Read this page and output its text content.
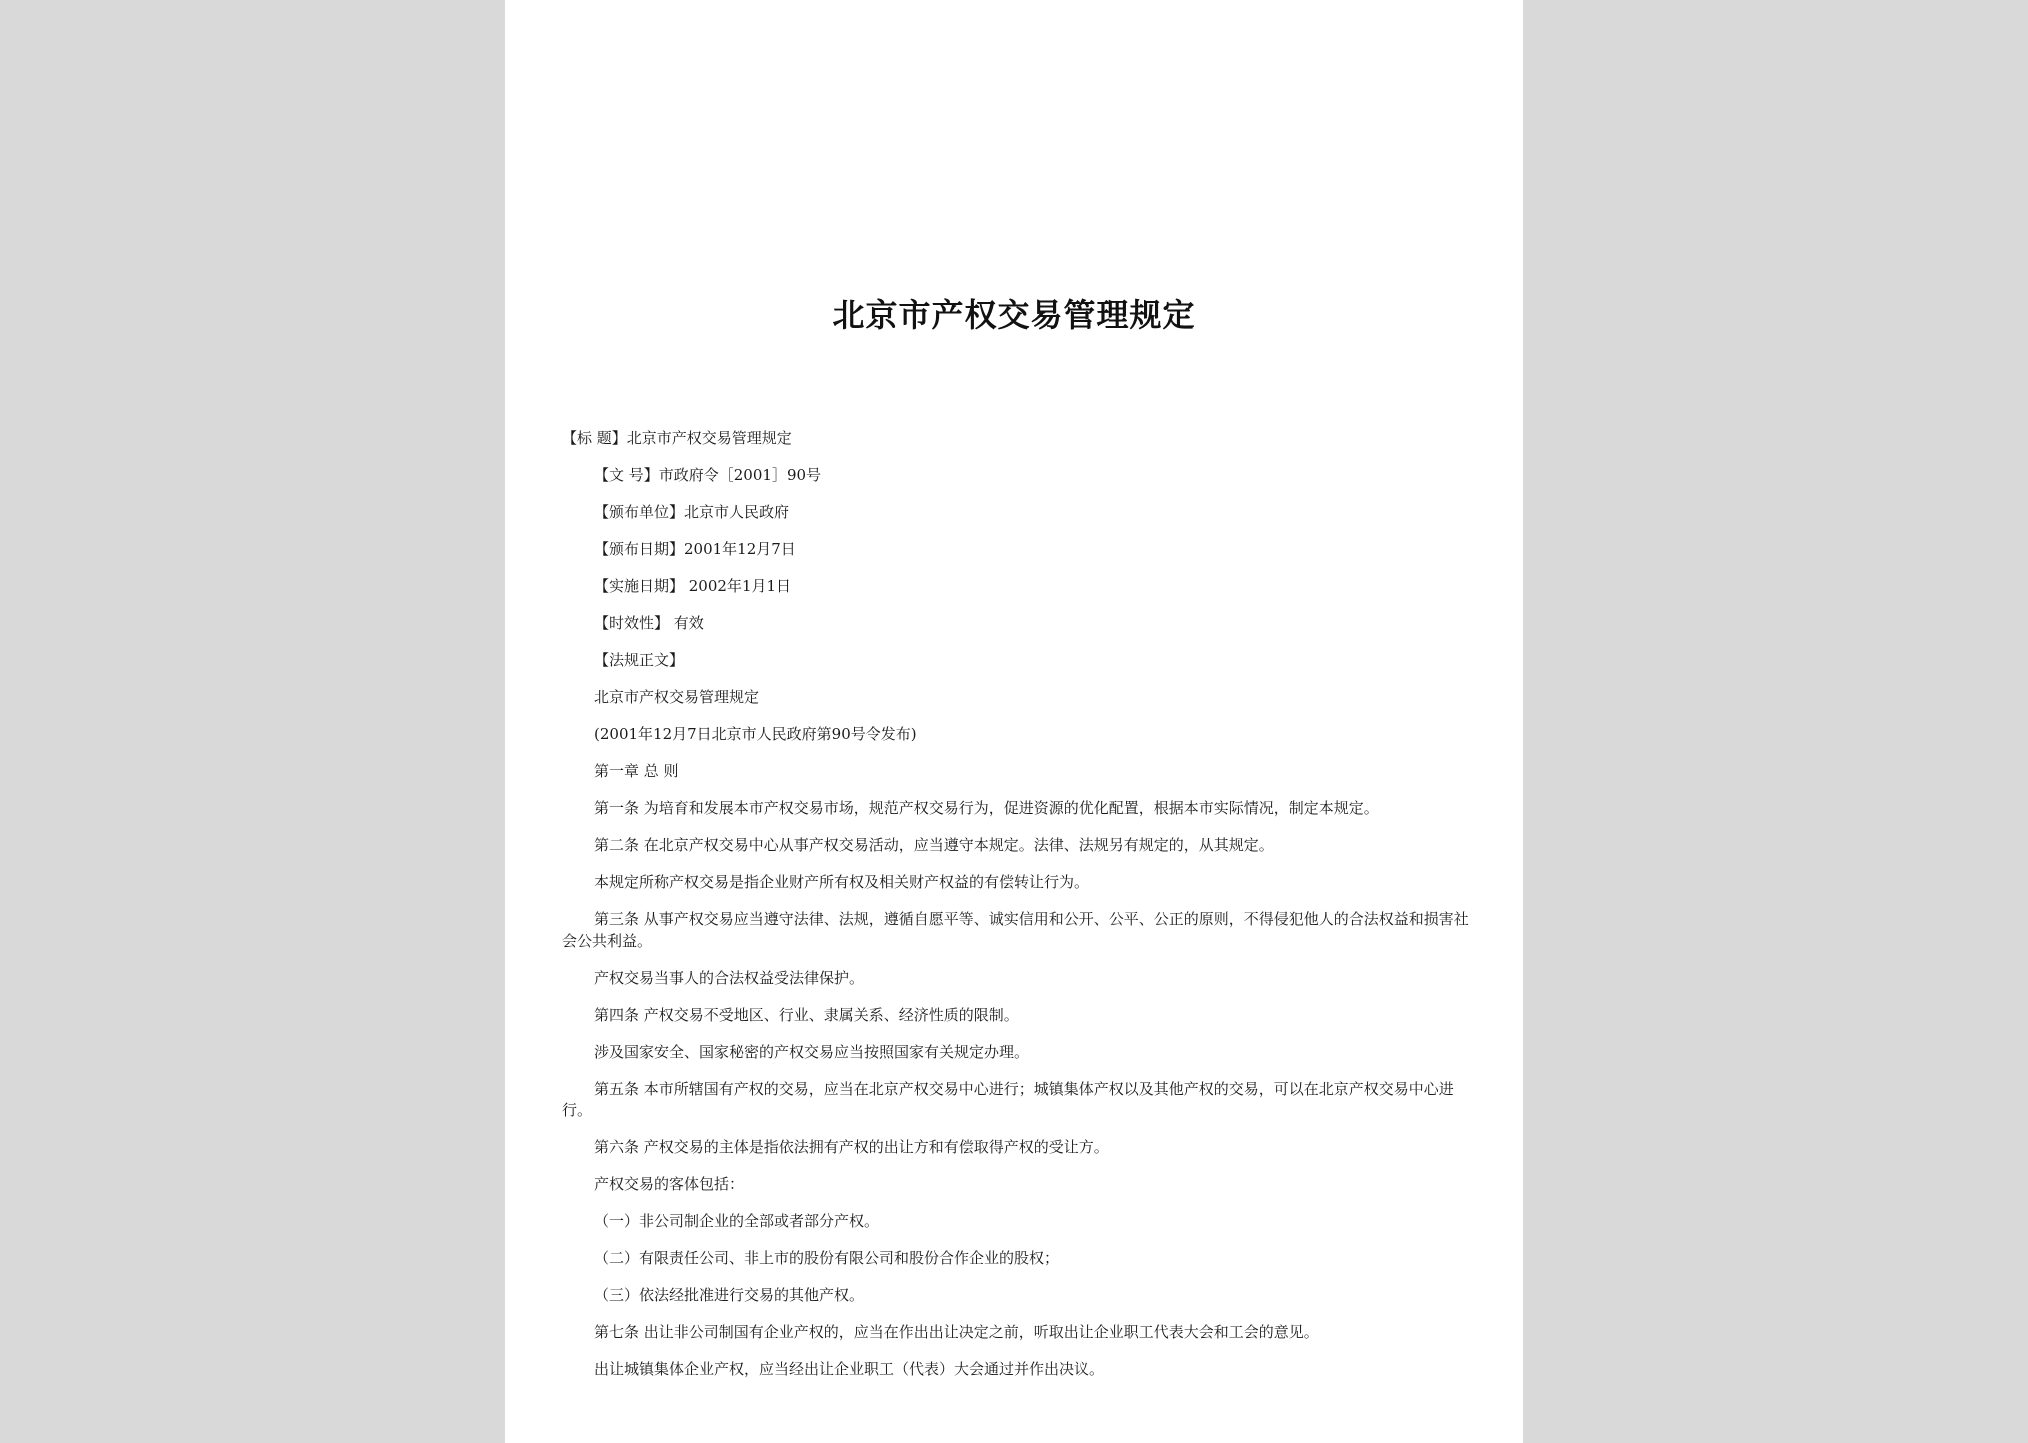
北京市产权交易管理规定

【标 题】北京市产权交易管理规定

【文 号】市政府令［2001］90号

【颁布单位】北京市人民政府

【颁布日期】2001年12月7日

【实施日期】 2002年1月1日

【时效性】 有效

【法规正文】

北京市产权交易管理规定

(2001年12月7日北京市人民政府第90号令发布)

第一章 总 则

第一条 为培育和发展本市产权交易市场，规范产权交易行为，促进资源的优化配置，根据本市实际情况，制定本规定。

第二条 在北京产权交易中心从事产权交易活动，应当遵守本规定。法律、法规另有规定的，从其规定。

本规定所称产权交易是指企业财产所有权及相关财产权益的有偿转让行为。

第三条 从事产权交易应当遵守法律、法规，遵循自愿平等、诚实信用和公开、公平、公正的原则，不得侵犯他人的合法权益和损害社会公共利益。

产权交易当事人的合法权益受法律保护。

第四条 产权交易不受地区、行业、隶属关系、经济性质的限制。

涉及国家安全、国家秘密的产权交易应当按照国家有关规定办理。

第五条 本市所辖国有产权的交易，应当在北京产权交易中心进行；城镇集体产权以及其他产权的交易，可以在北京产权交易中心进行。

第六条 产权交易的主体是指依法拥有产权的出让方和有偿取得产权的受让方。

产权交易的客体包括：

（一）非公司制企业的全部或者部分产权。

（二）有限责任公司、非上市的股份有限公司和股份合作企业的股权；

（三）依法经批准进行交易的其他产权。

第七条 出让非公司制国有企业产权的，应当在作出出让决定之前，听取出让企业职工代表大会和工会的意见。

出让城镇集体企业产权，应当经出让企业职工（代表）大会通过并作出决议。
